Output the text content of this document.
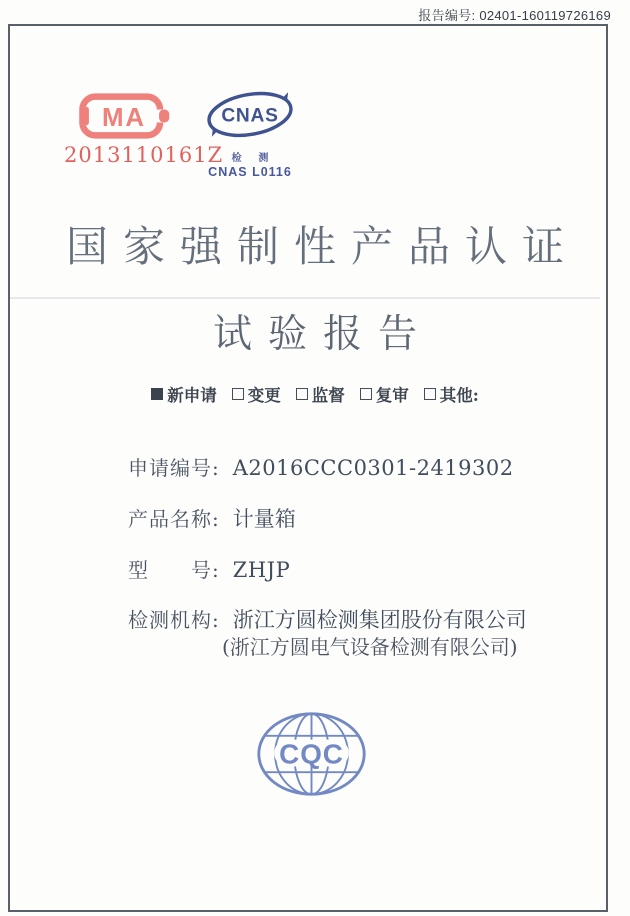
报告编号: 02401-160119726169
MA
2013110161Z
CNAS
检 测
CNAS L0116
国家强制性产品认证
试验报告
新申请 变更 监督 复审 其他:
申请编号: A2016CCC0301-2419302
产品名称: 计量箱
型　　号: ZHJP
检测机构: 浙江方圆检测集团股份有限公司
(浙江方圆电气设备检测有限公司)
CQC
